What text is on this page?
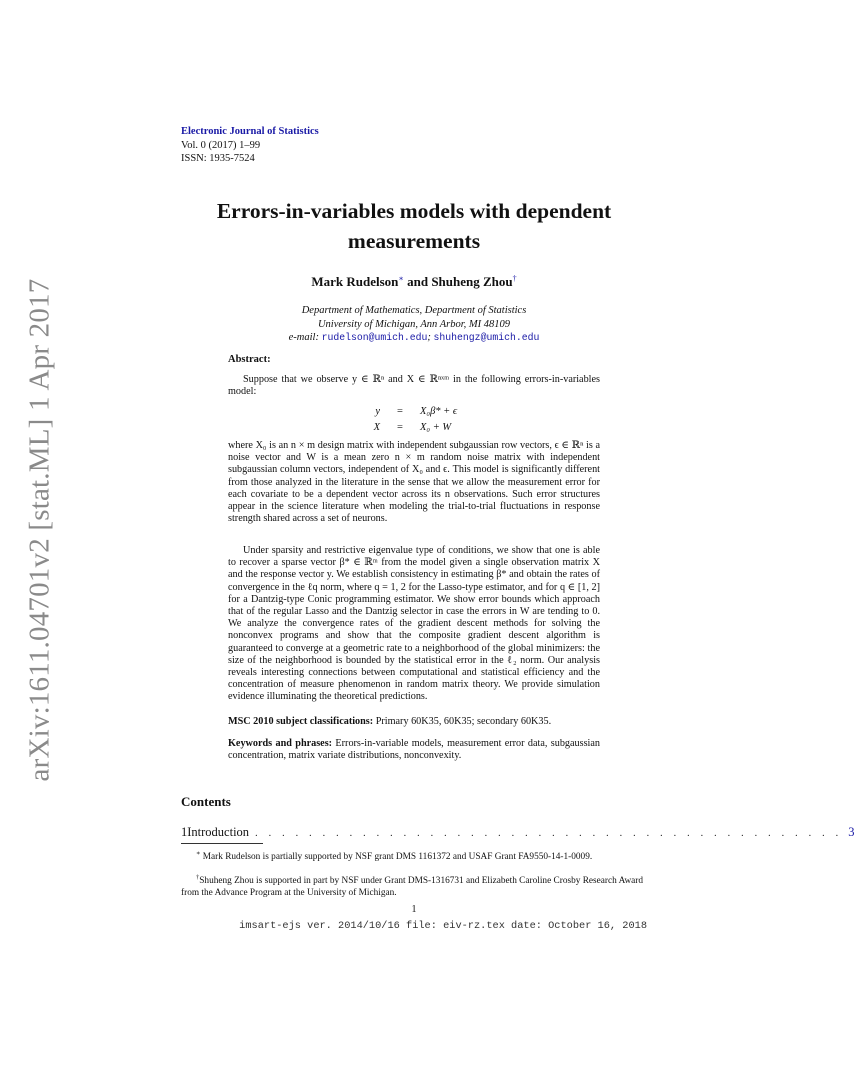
arXiv:1611.04701v2 [stat.ML] 1 Apr 2017
Electronic Journal of Statistics
Vol. 0 (2017) 1–99
ISSN: 1935-7524
Errors-in-variables models with dependent
measurements
Mark Rudelson∗ and Shuheng Zhou†
Department of Mathematics, Department of Statistics
University of Michigan, Ann Arbor, MI 48109
e-mail: rudelson@umich.edu; shuhengz@umich.edu
Abstract:
Suppose that we observe y ∈ ℝⁿ and X ∈ ℝⁿˣᵐ in the following errors-in-variables model:
y	=	X₀β* + ϵ
X	=	X₀ + W
where X₀ is an n × m design matrix with independent subgaussian row vectors, ϵ ∈ ℝⁿ is a noise vector and W is a mean zero n × m random noise matrix with independent subgaussian column vectors, independent of X₀ and ϵ. This model is significantly different from those analyzed in the literature in the sense that we allow the measurement error for each covariate to be a dependent vector across its n observations. Such error structures appear in the science literature when modeling the trial-to-trial fluctuations in response strength shared across a set of neurons.
Under sparsity and restrictive eigenvalue type of conditions, we show that one is able to recover a sparse vector β* ∈ ℝᵐ from the model given a single observation matrix X and the response vector y. We establish consistency in estimating β* and obtain the rates of convergence in the ℓq norm, where q = 1, 2 for the Lasso-type estimator, and for q ∈ [1, 2] for a Dantzig-type Conic programming estimator. We show error bounds which approach that of the regular Lasso and the Dantzig selector in case the errors in W are tending to 0. We analyze the convergence rates of the gradient descent methods for solving the nonconvex programs and show that the composite gradient descent algorithm is guaranteed to converge at a geometric rate to a neighborhood of the global minimizers: the size of the neighborhood is bounded by the statistical error in the ℓ₂ norm. Our analysis reveals interesting connections between computational and statistical efficiency and the concentration of measure phenomenon in random matrix theory. We provide simulation evidence illuminating the theoretical predictions.
MSC 2010 subject classifications: Primary 60K35, 60K35; secondary 60K35.
Keywords and phrases: Errors-in-variable models, measurement error data, subgaussian concentration, matrix variate distributions, nonconvexity.
Contents
1 Introduction . . . . . . . . . . . . . . . . . . . . . . . . . . . . . . . . . . . . . . . . . . . . 3
∗ Mark Rudelson is partially supported by NSF grant DMS 1161372 and USAF Grant FA9550-14-1-0009.
†Shuheng Zhou is supported in part by NSF under Grant DMS-1316731 and Elizabeth Caroline Crosby Research Award from the Advance Program at the University of Michigan.
1
imsart-ejs ver. 2014/10/16 file: eiv-rz.tex date: October 16, 2018
